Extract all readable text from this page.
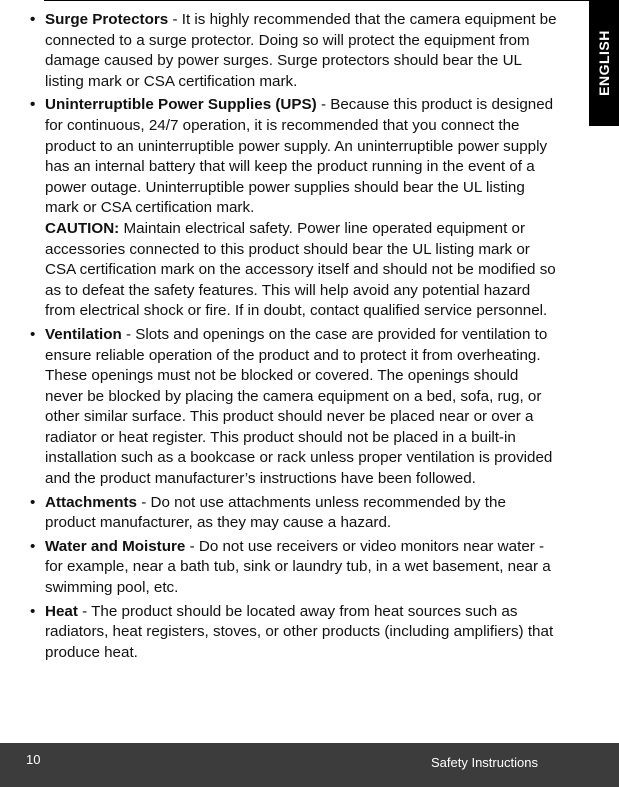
ENGLISH
• Surge Protectors - It is highly recommended that the camera equipment be connected to a surge protector. Doing so will protect the equipment from damage caused by power surges. Surge protectors should bear the UL listing mark or CSA certification mark.
• Uninterruptible Power Supplies (UPS) - Because this product is designed for continuous, 24/7 operation, it is recommended that you connect the product to an uninterruptible power supply. An uninterruptible power supply has an internal battery that will keep the product running in the event of a power outage. Uninterruptible power supplies should bear the UL listing mark or CSA certification mark.
CAUTION: Maintain electrical safety. Power line operated equipment or accessories connected to this product should bear the UL listing mark or CSA certification mark on the accessory itself and should not be modified so as to defeat the safety features. This will help avoid any potential hazard from electrical shock or fire. If in doubt, contact qualified service personnel.
• Ventilation - Slots and openings on the case are provided for ventilation to ensure reliable operation of the product and to protect it from overheating. These openings must not be blocked or covered. The openings should never be blocked by placing the camera equipment on a bed, sofa, rug, or other similar surface. This product should never be placed near or over a radiator or heat register. This product should not be placed in a built-in installation such as a bookcase or rack unless proper ventilation is provided and the product manufacturer’s instructions have been followed.
• Attachments - Do not use attachments unless recommended by the product manufacturer, as they may cause a hazard.
• Water and Moisture - Do not use receivers or video monitors near water - for example, near a bath tub, sink or laundry tub, in a wet basement, near a swimming pool, etc.
• Heat - The product should be located away from heat sources such as radiators, heat registers, stoves, or other products (including amplifiers) that produce heat.
10	Safety Instructions
